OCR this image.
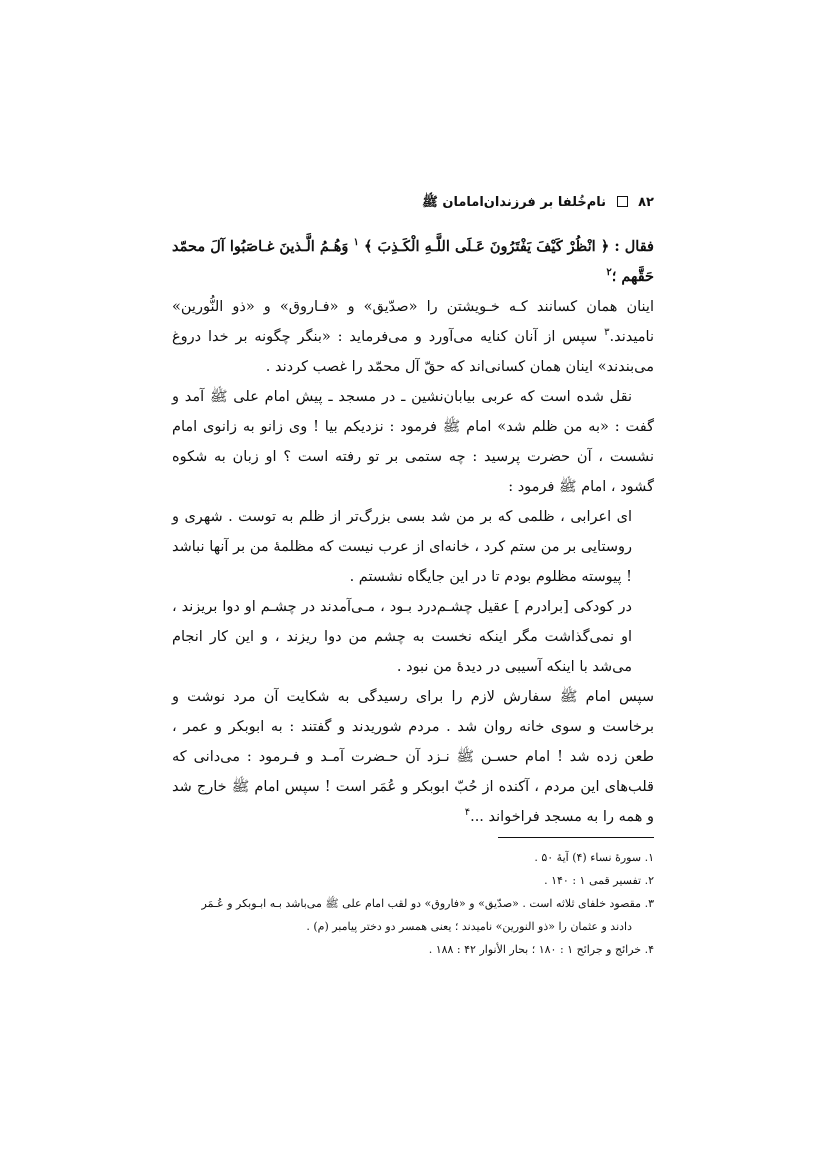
۸۲  نام‌خُلفا بر فرزندان‌امامان ﷺ

فقال : ﴿ انْظُرْ كَيْفَ يَفْتَرُونَ عَـلَى اللَّـهِ الْكَـذِبَ ﴾ $^۱$ وَهُـمُ الَّـذينَ غـاصَبُوا آلَ محمّد حَقَّهم ؛$^۲$

اینان همان کسانند کـه خـویشتن را «صدّیق» و «فـاروق» و «ذو النُّورین» نامیدند.$^۳$ سپس از آنان کنایه می‌آورد و می‌فرماید : «بنگر چگونه بر خدا دروغ می‌بندند» اینان همان کسانی‌اند که حقّ آل محمّد را غصب کردند .

نقل شده است که عربی بیابان‌نشین ـ در مسجد ـ پیش امام علی ﷺ آمد و گفت : «به من ظلم شد» امام ﷺ فرمود : نزدیکم بیا ! وی زانو به زانوی امام نشست ، آن حضرت پرسید : چه ستمی بر تو رفته است ؟ او زبان به شکوه گشود ، امام ﷺ فرمود :

ای اعرابی ، ظلمی که بر من شد بسی بزرگ‌تر از ظلم به توست . شهری و روستایی بر من ستم کرد ، خانه‌ای از عرب نیست که مظلمهٔ من بر آنها نباشد ! پیوسته مظلوم بودم تا در این جایگاه نشستم .

در کودکی [برادرم ] عقیل چشـم‌درد بـود ، مـی‌آمدند در چشـم او دوا بریزند ، او نمی‌گذاشت مگر اینکه نخست به چشم من دوا ریزند ، و این کار انجام می‌شد با اینکه آسیبی در دیدهٔ من نبود .

سپس امام ﷺ سفارش لازم را برای رسیدگی به شکایت آن مرد نوشت و برخاست و سوی خانه روان شد . مردم شوریدند و گفتند : به ابوبکر و عمر ، طعن زده شد ! امام حسـن ﷺ نـزد آن حـضرت آمـد و فـرمود : می‌دانی که قلب‌های این مردم ، آکنده از حُبّ ابوبکر و عُمَر است ! سپس امام ﷺ خارج شد و همه را به مسجد فراخواند ...$^۴$

۱. سورهٔ نساء (۴) آیهٔ ۵۰ .

۲. تفسیر قمی ۱ : ۱۴۰ .

۳. مقصود خلفای ثلاثه است . «صدّیق» و «فاروق» دو لقب امام علی ﷺ می‌باشد بـه ابـوبکر و عُـمَر

دادند و عثمان را «ذو النورین» نامیدند ؛ یعنی همسر دو دختر پیامبر (م) .

۴. خرائج و جرائح ۱ : ۱۸۰ ؛ بحار الأنوار ۴۲ : ۱۸۸ .
